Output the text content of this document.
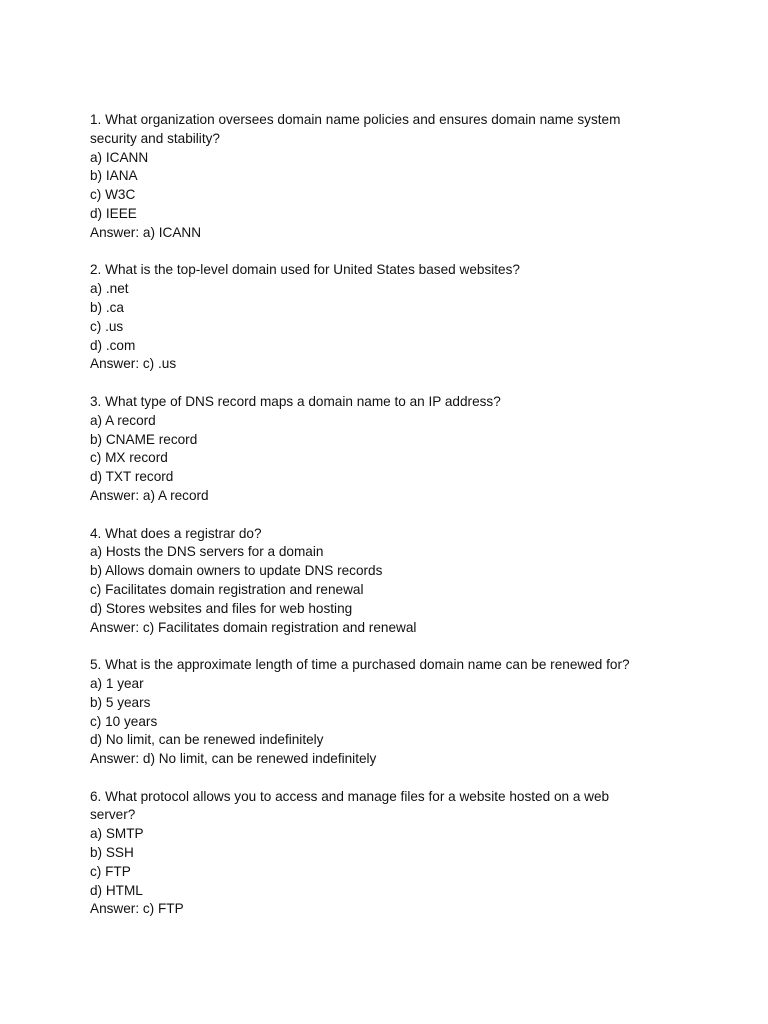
1. What organization oversees domain name policies and ensures domain name system security and stability?
a) ICANN
b) IANA
c) W3C
d) IEEE
Answer: a) ICANN
2. What is the top-level domain used for United States based websites?
a) .net
b) .ca
c) .us
d) .com
Answer: c) .us
3. What type of DNS record maps a domain name to an IP address?
a) A record
b) CNAME record
c) MX record
d) TXT record
Answer: a) A record
4. What does a registrar do?
a) Hosts the DNS servers for a domain
b) Allows domain owners to update DNS records
c) Facilitates domain registration and renewal
d) Stores websites and files for web hosting
Answer: c) Facilitates domain registration and renewal
5. What is the approximate length of time a purchased domain name can be renewed for?
a) 1 year
b) 5 years
c) 10 years
d) No limit, can be renewed indefinitely
Answer: d) No limit, can be renewed indefinitely
6. What protocol allows you to access and manage files for a website hosted on a web server?
a) SMTP
b) SSH
c) FTP
d) HTML
Answer: c) FTP
